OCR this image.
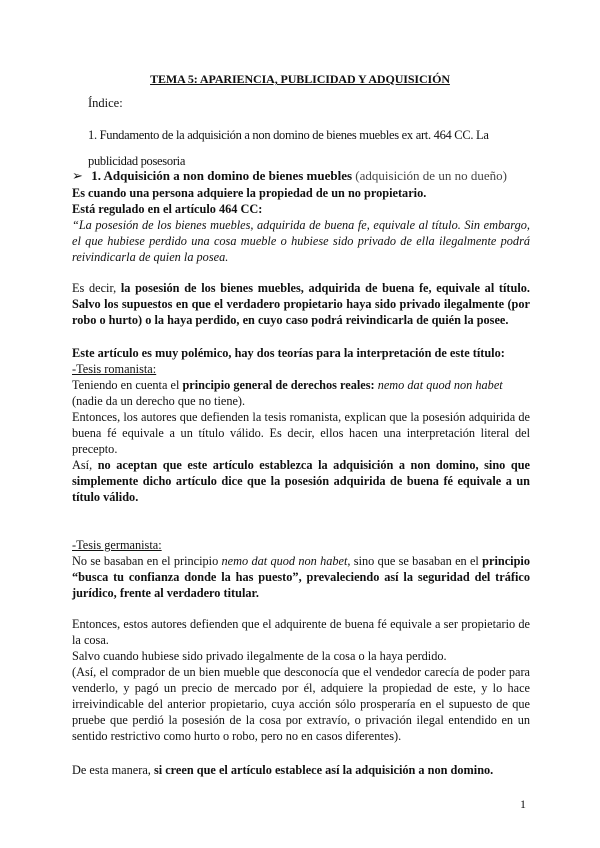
TEMA 5: APARIENCIA, PUBLICIDAD Y ADQUISICIÓN
Índice:
1. Fundamento de la adquisición a non domino de bienes muebles ex art. 464 CC. La publicidad posesoria
➢ 1. Adquisición a non domino de bienes muebles (adquisición de un no dueño)

Es cuando una persona adquiere la propiedad de un no propietario.

Está regulado en el artículo 464 CC:

“La posesión de los bienes muebles, adquirida de buena fe, equivale al título. Sin embargo, el que hubiese perdido una cosa mueble o hubiese sido privado de ella ilegalmente podrá reivindicarla de quien la posea.

Es decir, la posesión de los bienes muebles, adquirida de buena fe, equivale al título. Salvo los supuestos en que el verdadero propietario haya sido privado ilegalmente (por robo o hurto) o la haya perdido, en cuyo caso podrá reivindicarla de quién la posee.
Este artículo es muy polémico, hay dos teorías para la interpretación de este título:

-Tesis romanista:

Teniendo en cuenta el principio general de derechos reales: nemo dat quod non habet
(nadie da un derecho que no tiene).

Entonces, los autores que defienden la tesis romanista, explican que la posesión adquirida de buena fé equivale a un título válido. Es decir, ellos hacen una interpretación literal del precepto.

Así, no aceptan que este artículo establezca la adquisición a non domino, sino que simplemente dicho artículo dice que la posesión adquirida de buena fé equivale a un título válido.

-Tesis germanista:

No se basaban en el principio nemo dat quod non habet, sino que se basaban en el principio “busca tu confianza donde la has puesto”, prevaleciendo así la seguridad del tráfico jurídico, frente al verdadero titular.

Entonces, estos autores defienden que el adquirente de buena fé equivale a ser propietario de la cosa.

Salvo cuando hubiese sido privado ilegalmente de la cosa o la haya perdido.

(Así, el comprador de un bien mueble que desconocía que el vendedor carecía de poder para venderlo, y pagó un precio de mercado por él, adquiere la propiedad de este, y lo hace irreivindicable del anterior propietario, cuya acción sólo prosperaría en el supuesto de que pruebe que perdió la posesión de la cosa por extravío, o privación ilegal entendido en un sentido restrictivo como hurto o robo, pero no en casos diferentes).

De esta manera, si creen que el artículo establece así la adquisición a non domino.
1
